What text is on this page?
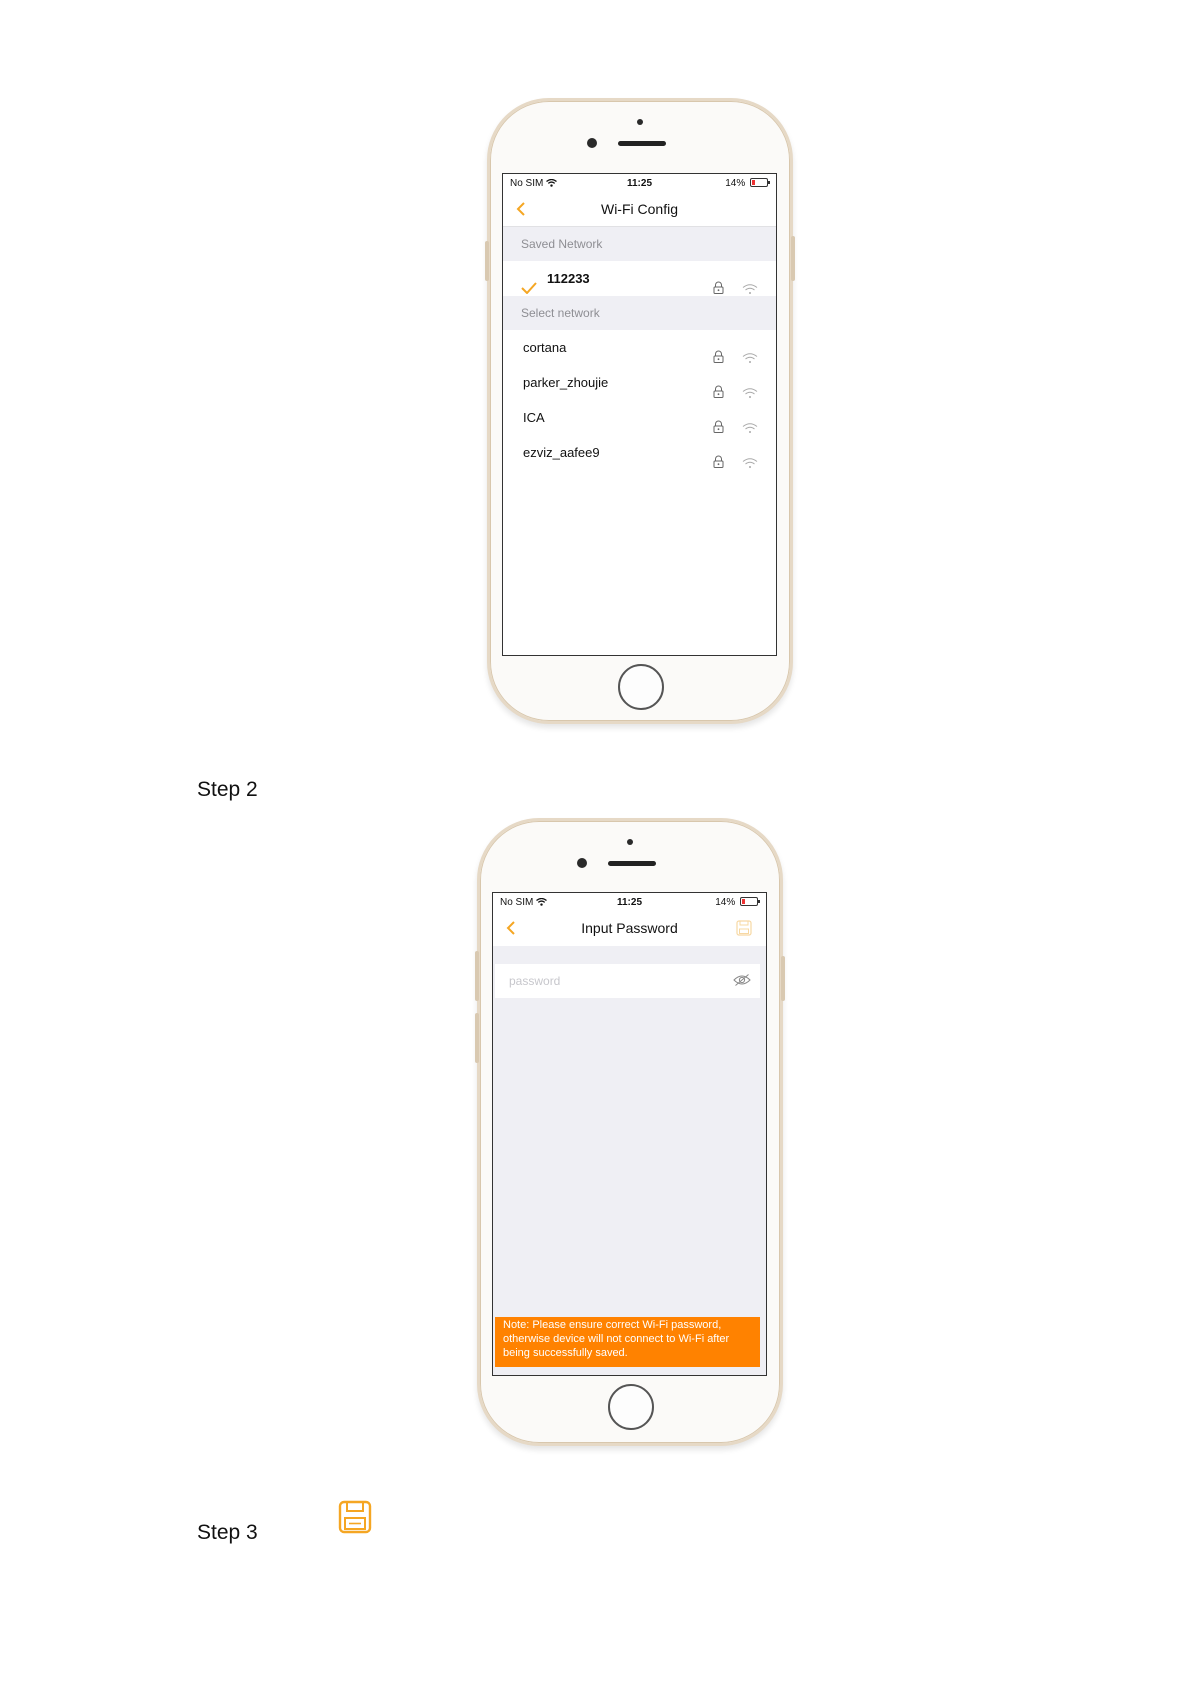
No SIM	11:25	14%
Wi-Fi Config
Saved Network
112233
Select network
cortana
parker_zhoujie
ICA
ezviz_aafee9
Step 2
No SIM	11:25	14%
Input Password
Note: Please ensure correct Wi-Fi password, otherwise device will not connect to Wi-Fi after being successfully saved.
Step 3
